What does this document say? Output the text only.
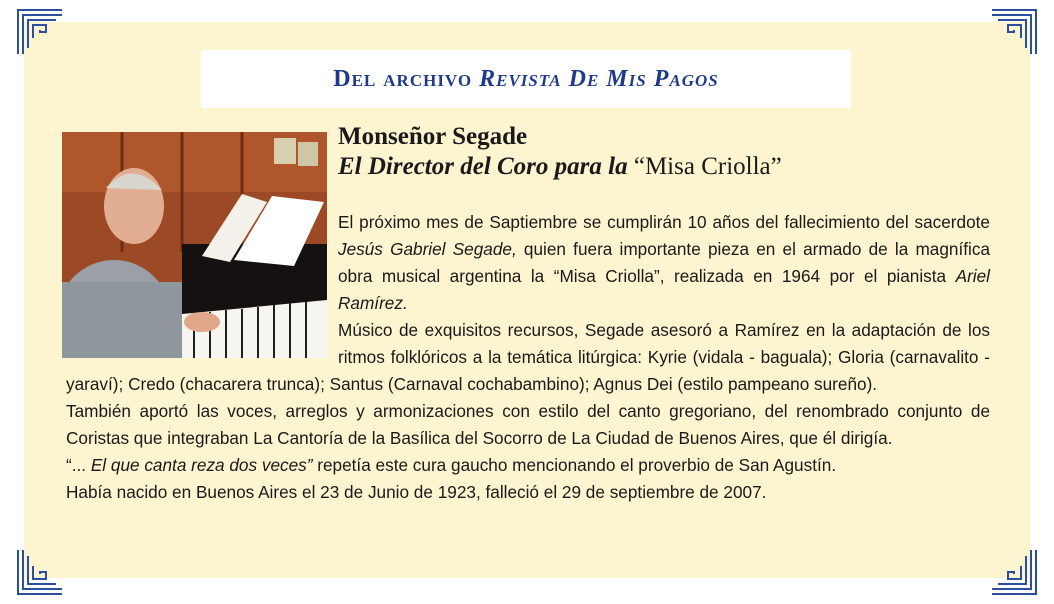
Del archivo Revista De Mis Pagos
Monseñor Segade
El Director del Coro para la “Misa Criolla”

El próximo mes de Saptiembre se cumplirán 10 años del fallecimiento del sacerdote Jesús Gabriel Segade, quien fuera importante pieza en el armado de la magnífica obra musical argentina la “Misa Criolla”, realizada en 1964 por el pianista Ariel Ramírez.

Músico de exquisitos recursos, Segade asesoró a Ramírez en la adaptación de los ritmos folklóricos a la temática litúrgica: Kyrie (vidala - baguala); Gloria (carnavalito - yaraví); Credo (chacarera trunca); Santus (Carnaval cochabambino); Agnus Dei (estilo pampeano sureño).

También aportó las voces, arreglos y armonizaciones con estilo del canto gregoriano, del renombrado conjunto de Coristas que integraban La Cantoría de la Basílica del Socorro de La Ciudad de Buenos Aires, que él dirigía.

“... El que canta reza dos veces” repetía este cura gaucho mencionando el proverbio de San Agustín.

Había nacido en Buenos Aires el 23 de Junio de 1923, falleció el 29 de septiembre de 2007.
